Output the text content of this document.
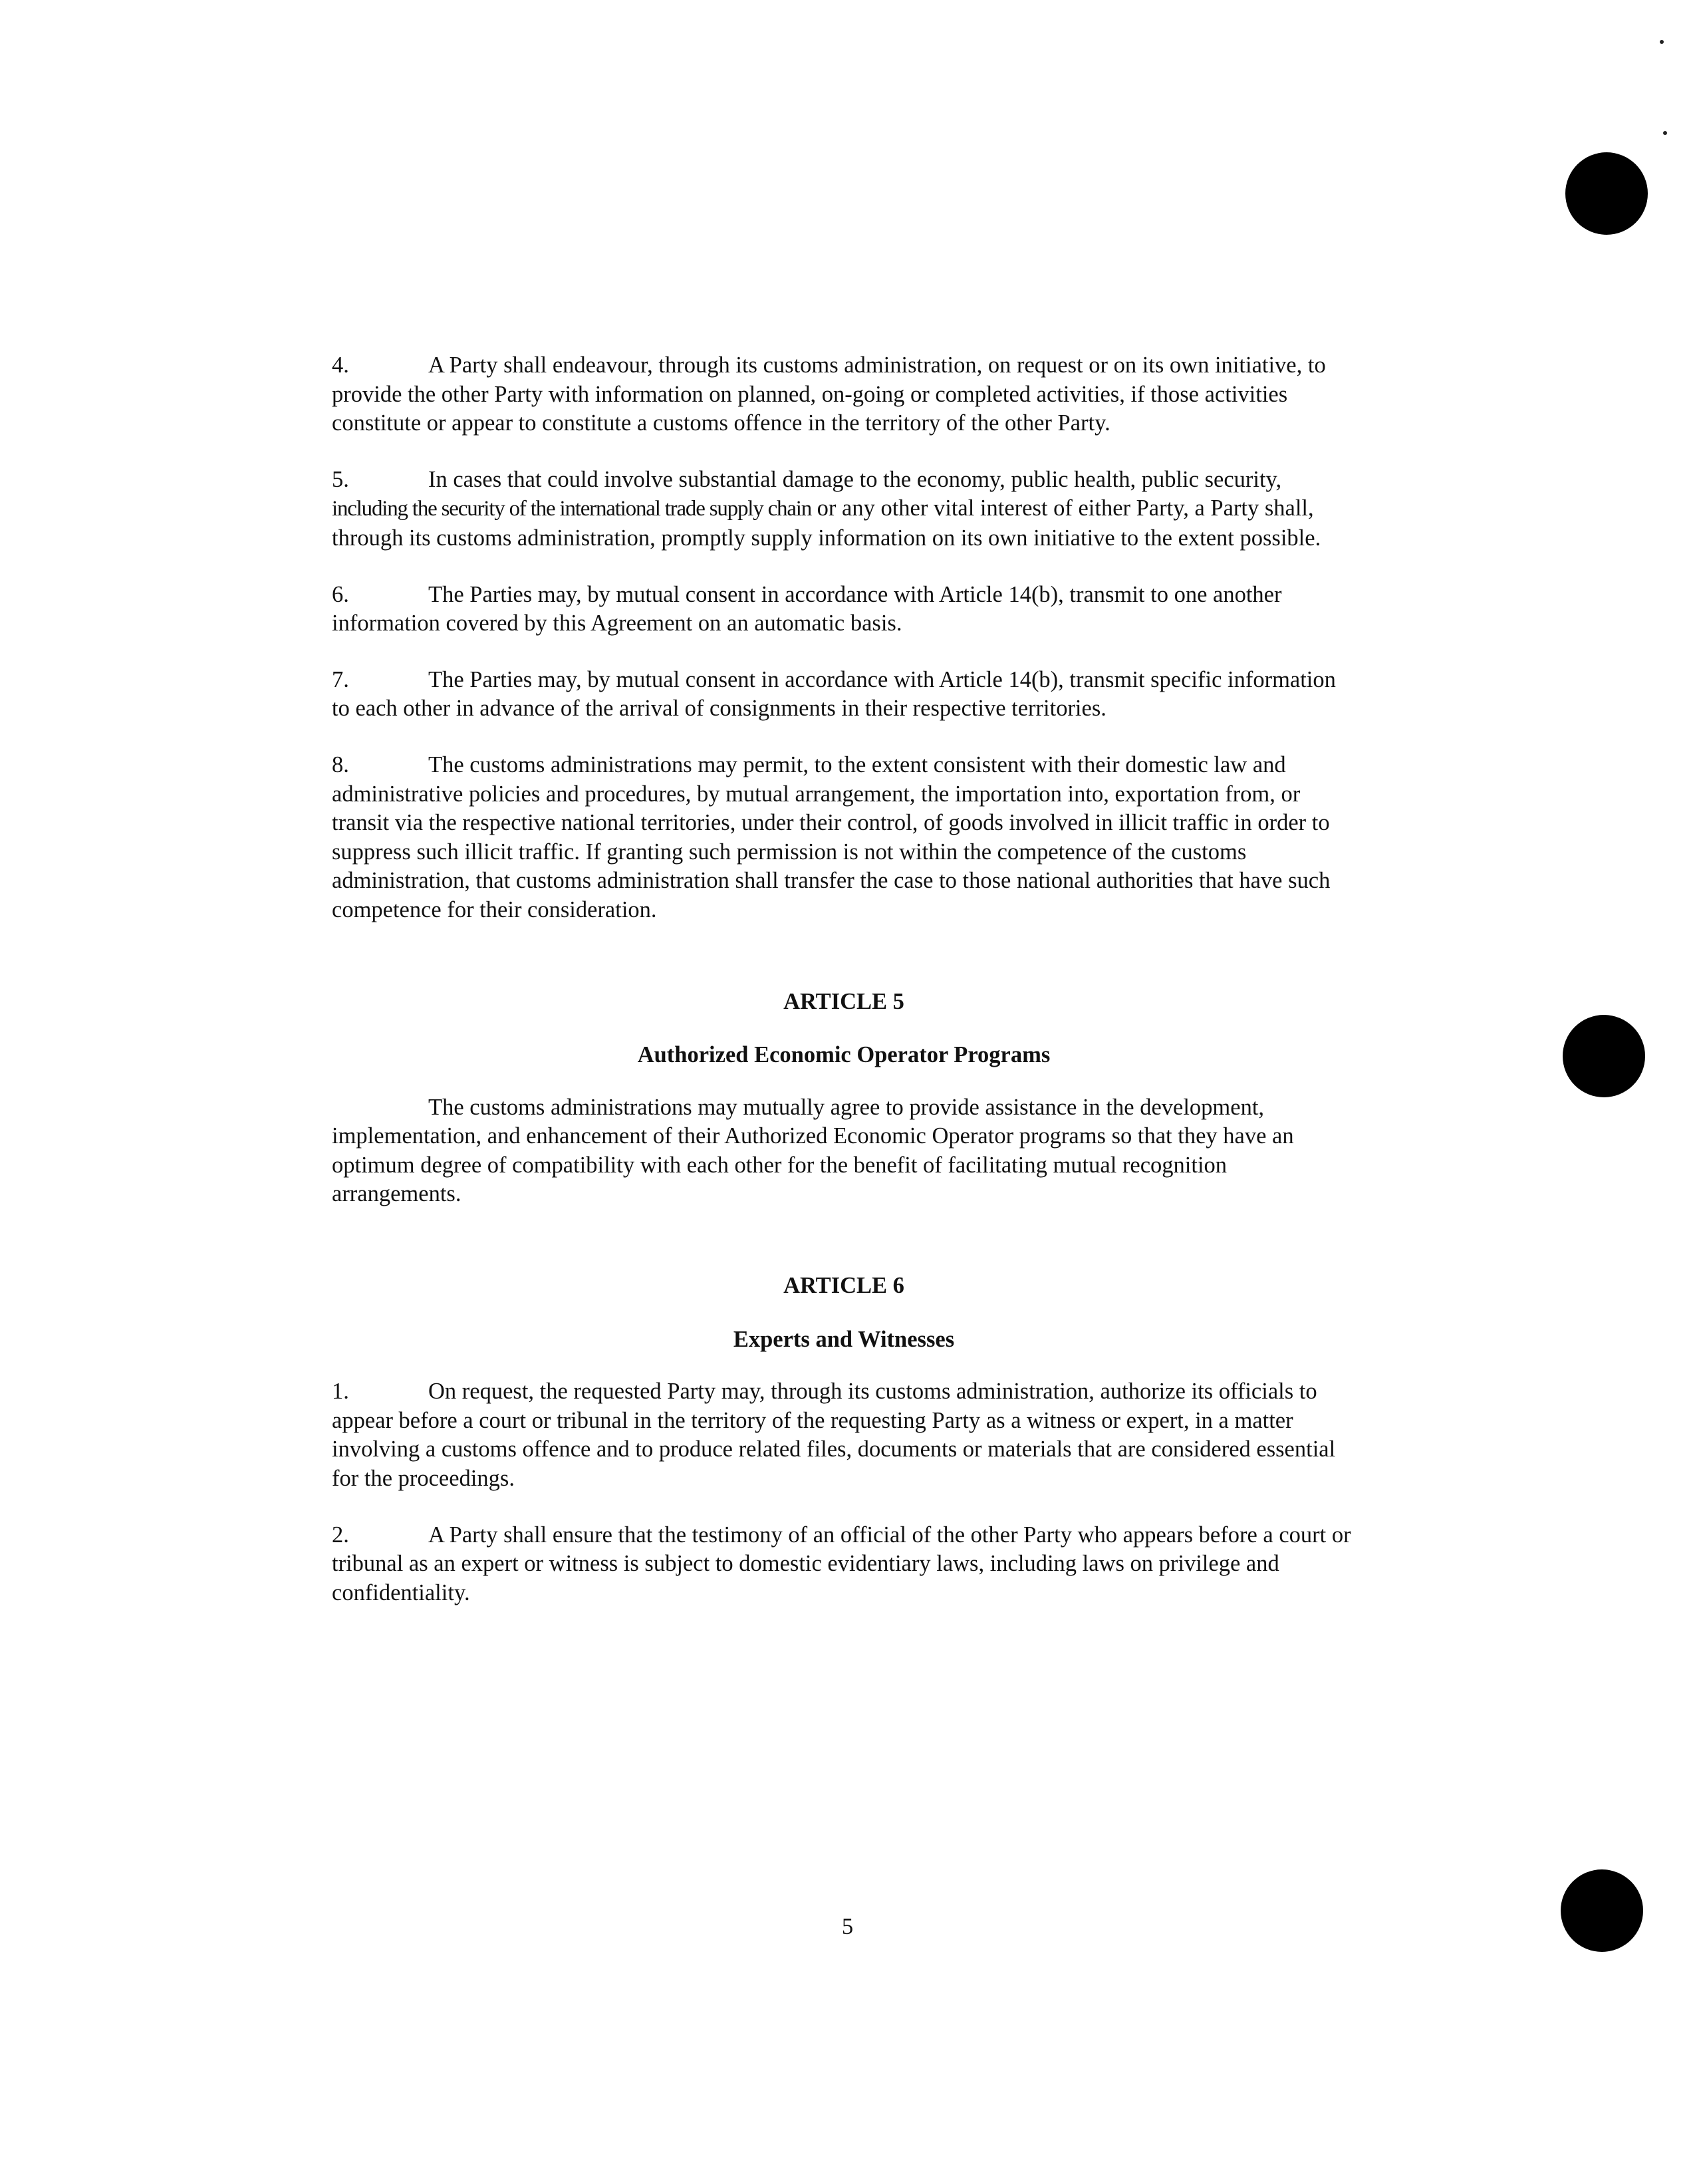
4.	A Party shall endeavour, through its customs administration, on request or on its own initiative, to provide the other Party with information on planned, on-going or completed activities, if those activities constitute or appear to constitute a customs offence in the territory of the other Party.

5.	In cases that could involve substantial damage to the economy, public health, public security, including the security of the international trade supply chain or any other vital interest of either Party, a Party shall, through its customs administration, promptly supply information on its own initiative to the extent possible.

6.	The Parties may, by mutual consent in accordance with Article 14(b), transmit to one another information covered by this Agreement on an automatic basis.

7.	The Parties may, by mutual consent in accordance with Article 14(b), transmit specific information to each other in advance of the arrival of consignments in their respective territories.

8.	The customs administrations may permit, to the extent consistent with their domestic law and administrative policies and procedures, by mutual arrangement, the importation into, exportation from, or transit via the respective national territories, under their control, of goods involved in illicit traffic in order to suppress such illicit traffic. If granting such permission is not within the competence of the customs administration, that customs administration shall transfer the case to those national authorities that have such competence for their consideration.

ARTICLE 5

Authorized Economic Operator Programs

The customs administrations may mutually agree to provide assistance in the development, implementation, and enhancement of their Authorized Economic Operator programs so that they have an optimum degree of compatibility with each other for the benefit of facilitating mutual recognition arrangements.

ARTICLE 6

Experts and Witnesses

1.	On request, the requested Party may, through its customs administration, authorize its officials to appear before a court or tribunal in the territory of the requesting Party as a witness or expert, in a matter involving a customs offence and to produce related files, documents or materials that are considered essential for the proceedings.

2.	A Party shall ensure that the testimony of an official of the other Party who appears before a court or tribunal as an expert or witness is subject to domestic evidentiary laws, including laws on privilege and confidentiality.

5
